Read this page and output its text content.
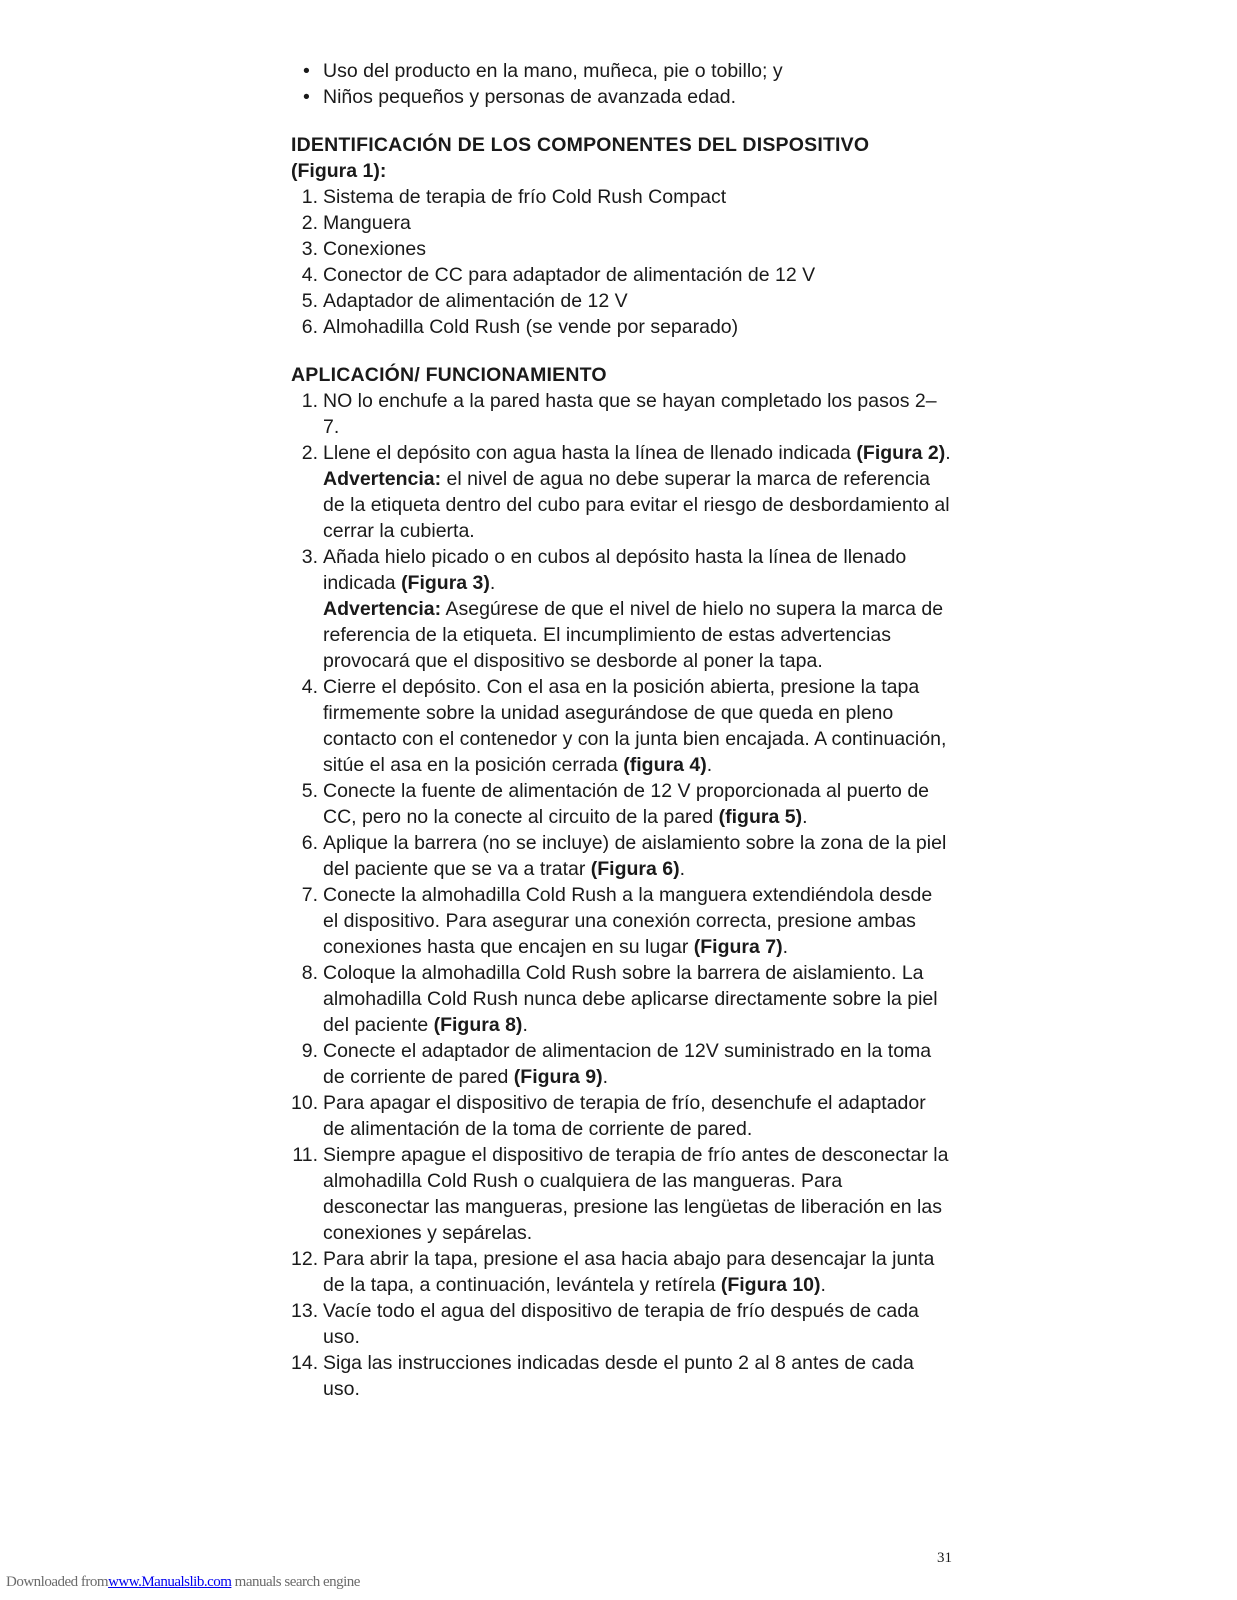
• Uso del producto en la mano, muñeca, pie o tobillo; y
• Niños pequeños y personas de avanzada edad.
IDENTIFICACIÓN DE LOS COMPONENTES DEL DISPOSITIVO
(Figura 1):
1. Sistema de terapia de frío Cold Rush Compact
2. Manguera
3. Conexiones
4. Conector de CC para adaptador de alimentación de 12 V
5. Adaptador de alimentación de 12 V
6. Almohadilla Cold Rush (se vende por separado)
APLICACIÓN/ FUNCIONAMIENTO
1. NO lo enchufe a la pared hasta que se hayan completado los pasos 2–7.
2. Llene el depósito con agua hasta la línea de llenado indicada (Figura 2).
Advertencia: el nivel de agua no debe superar la marca de referencia de la etiqueta dentro del cubo para evitar el riesgo de desbordamiento al cerrar la cubierta.
3. Añada hielo picado o en cubos al depósito hasta la línea de llenado indicada (Figura 3).
Advertencia: Asegúrese de que el nivel de hielo no supera la marca de referencia de la etiqueta. El incumplimiento de estas advertencias provocará que el dispositivo se desborde al poner la tapa.
4. Cierre el depósito. Con el asa en la posición abierta, presione la tapa firmemente sobre la unidad asegurándose de que queda en pleno contacto con el contenedor y con la junta bien encajada. A continuación, sitúe el asa en la posición cerrada (figura 4).
5. Conecte la fuente de alimentación de 12 V proporcionada al puerto de CC, pero no la conecte al circuito de la pared (figura 5).
6. Aplique la barrera (no se incluye) de aislamiento sobre la zona de la piel del paciente que se va a tratar (Figura 6).
7. Conecte la almohadilla Cold Rush a la manguera extendiéndola desde el dispositivo. Para asegurar una conexión correcta, presione ambas conexiones hasta que encajen en su lugar (Figura 7).
8. Coloque la almohadilla Cold Rush sobre la barrera de aislamiento. La almohadilla Cold Rush nunca debe aplicarse directamente sobre la piel del paciente (Figura 8).
9. Conecte el adaptador de alimentacion de 12V suministrado en la toma de corriente de pared (Figura 9).
10. Para apagar el dispositivo de terapia de frío, desenchufe el adaptador de alimentación de la toma de corriente de pared.
11. Siempre apague el dispositivo de terapia de frío antes de desconectar la almohadilla Cold Rush o cualquiera de las mangueras. Para desconectar las mangueras, presione las lengüetas de liberación en las conexiones y sepárelas.
12. Para abrir la tapa, presione el asa hacia abajo para desencajar la junta de la tapa, a continuación, levántela y retírela (Figura 10).
13. Vacíe todo el agua del dispositivo de terapia de frío después de cada uso.
14. Siga las instrucciones indicadas desde el punto 2 al 8 antes de cada uso.
31
Downloaded fromwww.Manualslib.com manuals search engine
